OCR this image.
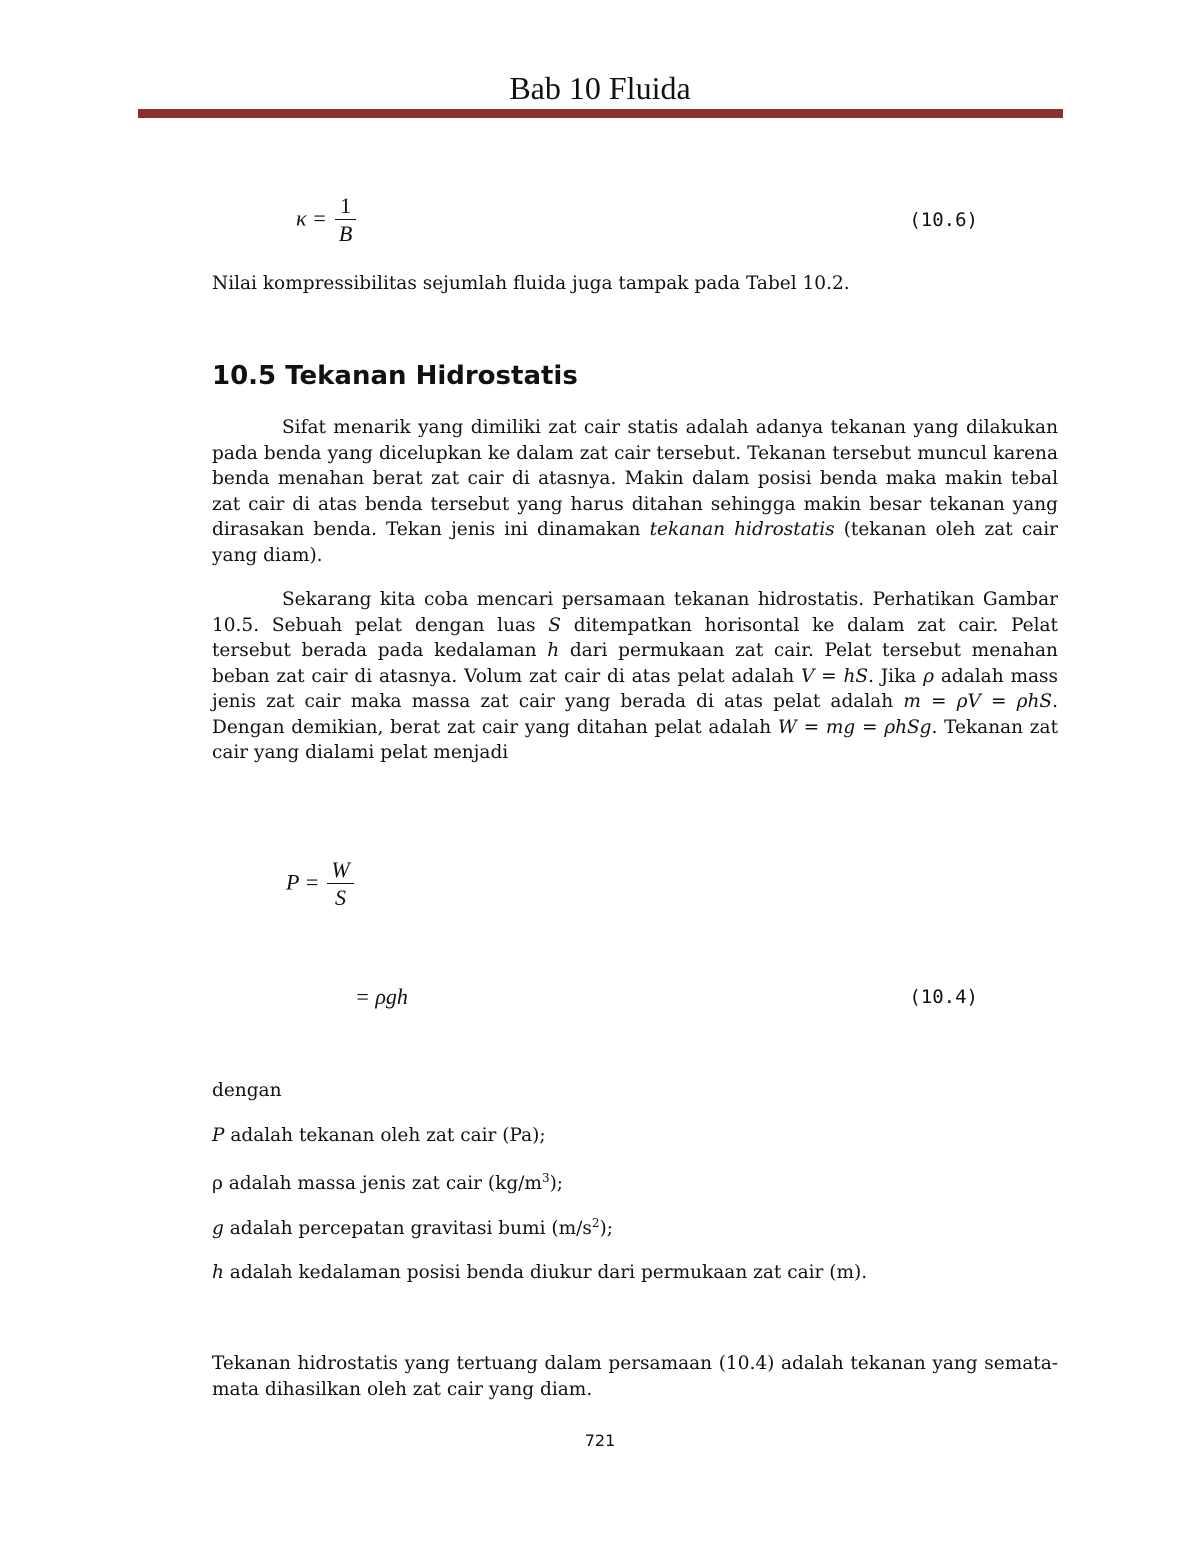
Bab 10 Fluida
$\kappa = \frac{1}{B}$	(10.6)

Nilai kompressibilitas sejumlah fluida juga tampak pada Tabel 10.2.

10.5 Tekanan Hidrostatis

Sifat menarik yang dimiliki zat cair statis adalah adanya tekanan yang dilakukan pada benda yang dicelupkan ke dalam zat cair tersebut. Tekanan tersebut muncul karena benda menahan berat zat cair di atasnya. Makin dalam posisi benda maka makin tebal zat cair di atas benda tersebut yang harus ditahan sehingga makin besar tekanan yang dirasakan benda. Tekan jenis ini dinamakan tekanan hidrostatis (tekanan oleh zat cair yang diam).

Sekarang kita coba mencari persamaan tekanan hidrostatis. Perhatikan Gambar 10.5. Sebuah pelat dengan luas S ditempatkan horisontal ke dalam zat cair. Pelat tersebut berada pada kedalaman h dari permukaan zat cair. Pelat tersebut menahan beban zat cair di atasnya. Volum zat cair di atas pelat adalah V = hS. Jika ρ adalah mass jenis zat cair maka massa zat cair yang berada di atas pelat adalah m = ρV = ρhS. Dengan demikian, berat zat cair yang ditahan pelat adalah W = mg = ρhSg. Tekanan zat cair yang dialami pelat menjadi

$P = \frac{W}{S}$
= ρgh	(10.4)

dengan

P adalah tekanan oleh zat cair (Pa);

ρ adalah massa jenis zat cair $(kg/m^3)$;

g adalah percepatan gravitasi bumi $(m/s^2)$;

h adalah kedalaman posisi benda diukur dari permukaan zat cair (m).

Tekanan hidrostatis yang tertuang dalam persamaan (10.4) adalah tekanan yang semata-mata dihasilkan oleh zat cair yang diam.

721
